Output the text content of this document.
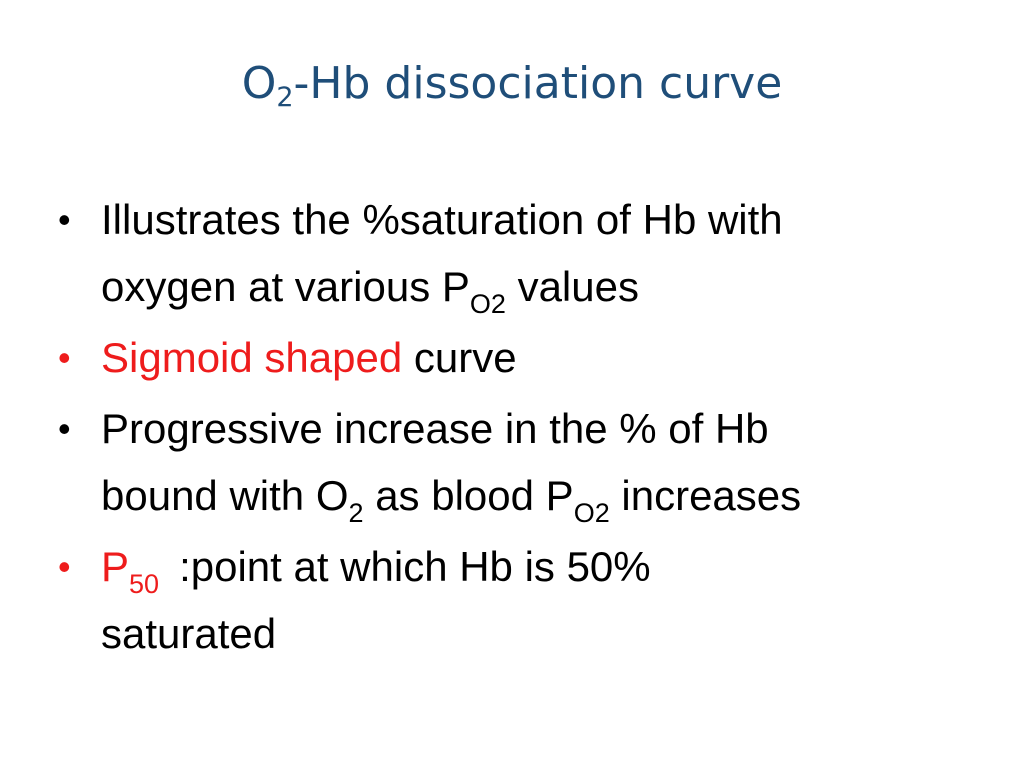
$O_2-Hb$ dissociation curve
• Illustrates the %saturation of Hb with
oxygen at various $P_{O2}$ values
• Sigmoid shaped curve
• Progressive increase in the % of Hb
bound with $O_2$ as blood $P_{O2}$ increases
• $P_{50}$ :point at which Hb is 50%
saturated
